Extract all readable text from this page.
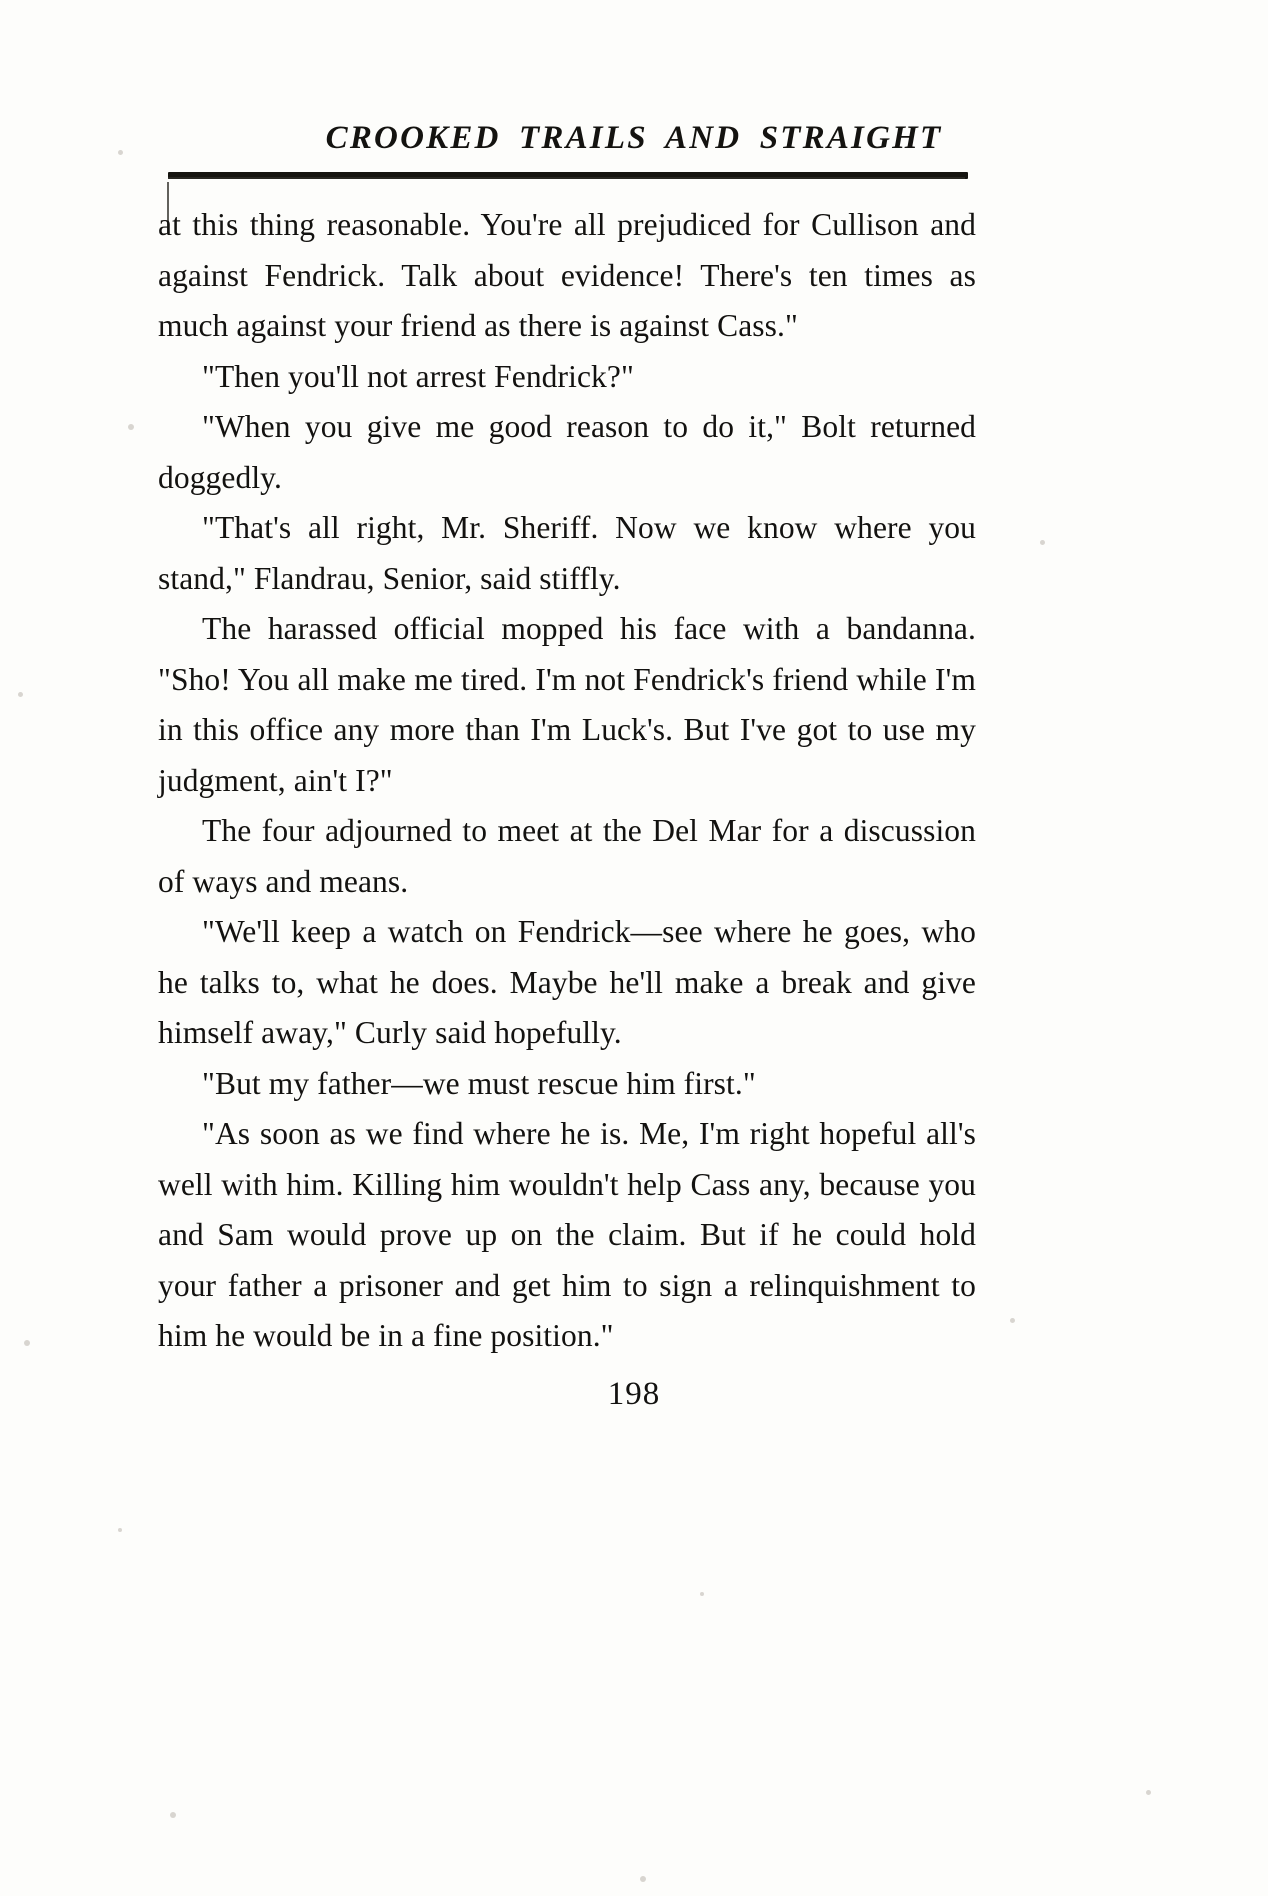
CROOKED TRAILS AND STRAIGHT

at this thing reasonable. You're all prejudiced for Cullison and against Fendrick. Talk about evidence! There's ten times as much against your friend as there is against Cass."

"Then you'll not arrest Fendrick?"

"When you give me good reason to do it," Bolt returned doggedly.

"That's all right, Mr. Sheriff. Now we know where you stand," Flandrau, Senior, said stiffly.

The harassed official mopped his face with a bandanna. "Sho! You all make me tired. I'm not Fendrick's friend while I'm in this office any more than I'm Luck's. But I've got to use my judgment, ain't I?"

The four adjourned to meet at the Del Mar for a discussion of ways and means.

"We'll keep a watch on Fendrick—see where he goes, who he talks to, what he does. Maybe he'll make a break and give himself away," Curly said hopefully.

"But my father—we must rescue him first."

"As soon as we find where he is. Me, I'm right hopeful all's well with him. Killing him wouldn't help Cass any, because you and Sam would prove up on the claim. But if he could hold your father a prisoner and get him to sign a relinquishment to him he would be in a fine position."

198
